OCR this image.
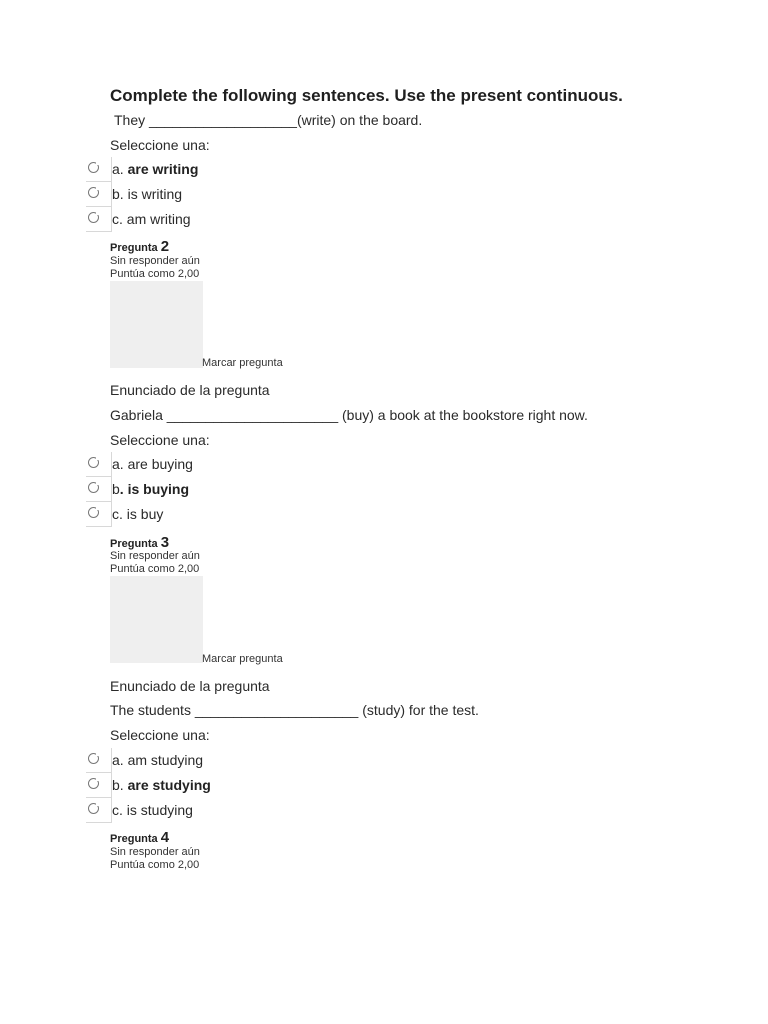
Complete the following sentences. Use the present continuous.
They ___________________(write) on the board.
Seleccione una:
a. are writing
b. is writing
c. am writing
Pregunta 2
Sin responder aún
Puntúa como 2,00
Marcar pregunta
Enunciado de la pregunta
Gabriela ______________________ (buy) a book at the bookstore right now.
Seleccione una:
a. are buying
b. is buying
c. is buy
Pregunta 3
Sin responder aún
Puntúa como 2,00
Marcar pregunta
Enunciado de la pregunta
The students _____________________ (study) for the test.
Seleccione una:
a. am studying
b. are studying
c. is studying
Pregunta 4
Sin responder aún
Puntúa como 2,00
